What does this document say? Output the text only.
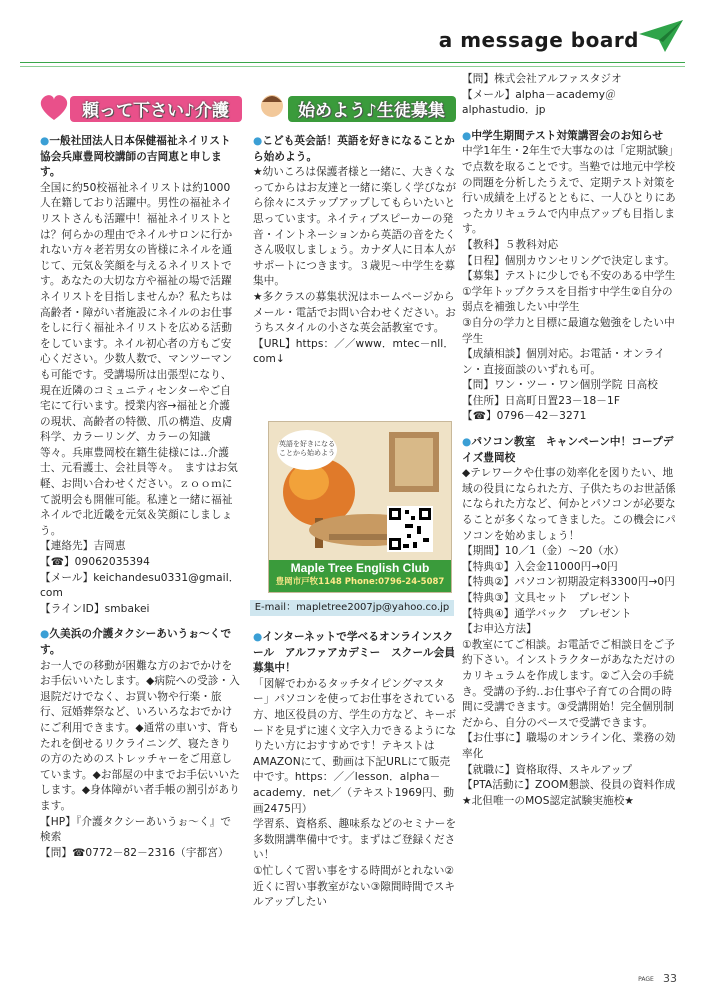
a message board
頼って下さい♪介護	始めよう♪生徒募集

●一般社団法人日本保健福祉ネイリスト協会兵庫豊岡校講師の吉岡恵と申します。

全国に約50校福祉ネイリストは約1000人在籍しており活躍中。男性の福祉ネイリストさんも活躍中！福祉ネイリストとは？何らかの理由でネイルサロンに行かれない方々老若男女の皆様にネイルを通じて、元気＆笑顔を与えるネイリストです。あなたの大切な方や福祉の場で活躍ネイリストを目指しませんか？私たちは高齢者・障がい者施設にネイルのお仕事をしに行く福祉ネイリストを広める活動をしています。ネイル初心者の方もご安心ください。少数人数で、マンツーマンも可能です。受講場所は出張型になり、現在近隣のコミュニティセンターやご自宅にて行います。授業内容→福祉と介護の現状、高齢者の特徴、爪の構造、皮膚科学、カラーリング、カラーの知識等々。兵庫豊岡校在籍生徒様には‥介護士、元看護士、会社員等々。　ますはお気軽、お問い合わせください。ｚｏｏｍにて説明会も開催可能。私達と一緒に福祉ネイルで北近畿を元気＆笑顔にしましょう。

【連絡先】吉岡恵

【☎】09062035394

【メール】keichandesu0331@gmail．com

【ラインID】smbakei

●久美浜の介護タクシーあいうぉ～くです。

お一人での移動が困難な方のおでかけをお手伝いいたします。◆病院への受診・入退院だけでなく、お買い物や行楽・旅行、冠婚葬祭など、いろいろなおでかけにご利用できます。◆通常の車いす、背もたれを倒せるリクライニング、寝たきりの方のためのストレッチャーをご用意しています。◆お部屋の中までお手伝いいたします。◆身体障がい者手帳の割引があります。

【HP】『介護タクシーあいうぉ～く』で検索

【問】☎0772－82－2316（宇都宮）

●こども英会話！英語を好きになることから始めよう。

★幼いころは保護者様と一緒に、大きくなってからはお友達と一緒に楽しく学びながら徐々にステップアップしてもらいたいと思っています。ネイティブスピーカーの発音・イントネーションから英語の音をたくさん吸収しましょう。カナダ人に日本人がサポートにつきます。３歳児～中学生を募集中。

★多クラスの募集状況はホームページからメール・電話でお問い合わせください。おうちスタイルの小さな英会話教室です。

【URL】https：／／www．mtec－nll．com↓

英語を好きになることから始めよう
Maple Tree English Club
豊岡市戸牧1148 Phone:0796-24-5087
E-mail：mapletree2007jp@yahoo.co.jp

●インターネットで学べるオンラインスクール　アルファアカデミー　スクール会員募集中！

「図解でわかるタッチタイピングマスター」パソコンを使ってお仕事をされている方、地区役員の方、学生の方など、キーボードを見ずに速く文字入力できるようになりたい方におすすめです！テキストはAMAZONにて、動画は下記URLにて販売中です。https：／／lesson．alpha－academy．net／（テキスト1969円、動画2475円）

学習系、資格系、趣味系などのセミナーを多数開講準備中です。まずはご登録ください！

①忙しくて習い事をする時間がとれない②近くに習い事教室がない③隙間時間でスキルアップしたい

【問】株式会社アルファスタジオ

【メール】alpha－academy＠alphastudio．jp

●中学生期間テスト対策講習会のお知らせ

中学1年生・2年生で大事なのは「定期試験」で点数を取ることです。当塾では地元中学校の問題を分析したうえで、定期テスト対策を行い成績を上げるとともに、一人ひとりにあったカリキュラムで内申点アップも目指します。

【教科】５教科対応

【日程】個別カウンセリングで決定します。

【募集】テストに少しでも不安のある中学生

①学年トップクラスを目指す中学生②自分の弱点を補強したい中学生

③自分の学力と目標に最適な勉強をしたい中学生

【成績相談】個別対応。お電話・オンライン・直接面談のいずれも可。

【問】ワン・ツー・ワン個別学院 日高校

【住所】日高町日置23－18－1F

【☎】0796－42－3271

●パソコン教室　キャンペーン中！コープデイズ豊岡校

◆テレワークや仕事の効率化を図りたい、地域の役員になられた方、子供たちのお世話係になられた方など、何かとパソコンが必要なることが多くなってきました。この機会にパソコンを始めましょう！

【期間】10／1（金）～20（水）

【特典①】入会金11000円→0円

【特典②】パソコン初期設定料3300円→0円

【特典③】文具セット　プレゼント

【特典④】通学バック　プレゼント

【お申込方法】

①教室にてご相談。お電話でご相談日をご予約下さい。インストラクターがあなただけのカリキュラムを作成します。②ご入会の手続き。受講の予約‥お仕事や子育ての合間の時間に受講できます。③受講開始！完全個別制だから、自分のペースで受講できます。

【お仕事に】職場のオンライン化、業務の効率化

【就職に】資格取得、スキルアップ

【PTA活動に】ZOOM懇談、役員の資料作成

★北但唯一のMOS認定試験実施校★

PAGE 33
